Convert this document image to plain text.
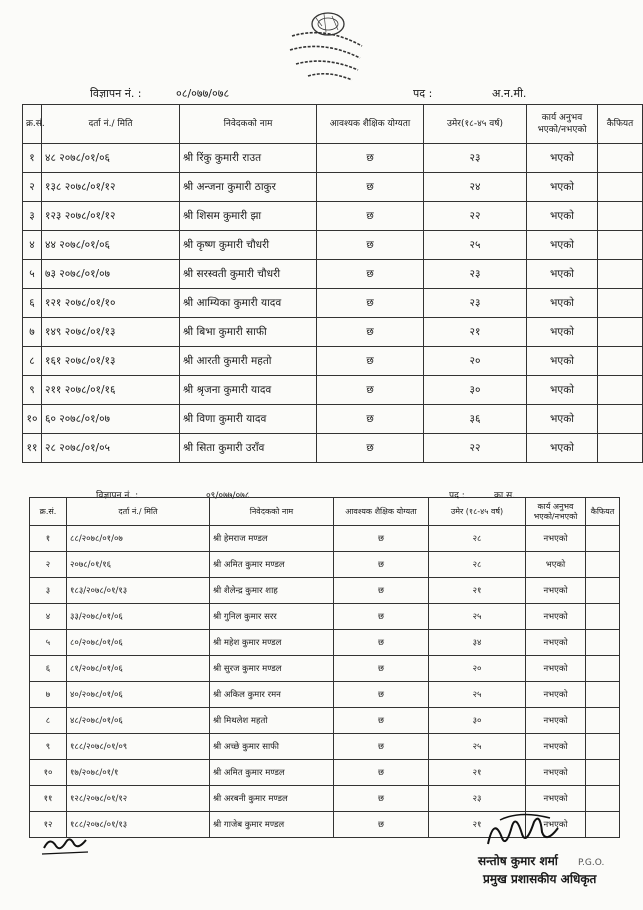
विज्ञापन नं. :	०८/०७७/०७८	पद :	अ.न.मी.
क्र.सं.	दर्ता नं./ मिति	निवेदकको नाम	आवश्यक शैक्षिक योग्यता	उमेर(१८-४५ वर्ष)	कार्य अनुभव भएको/नभएको	कैफियत
१	४८ २०७८/०१/०६	श्री रिंकु कुमारी राउत	छ	२३	भएको	
२	१३८ २०७८/०१/१२	श्री अन्जना कुमारी ठाकुर	छ	२४	भएको	
३	१२३ २०७८/०१/१२	श्री शिसम कुमारी झा	छ	२२	भएको	
४	४४ २०७८/०१/०६	श्री कृष्ण कुमारी चौधरी	छ	२५	भएको	
५	७३ २०७८/०१/०७	श्री सरस्वती कुमारी चौधरी	छ	२३	भएको	
६	१२१ २०७८/०१/१०	श्री आम्यिका कुमारी यादव	छ	२३	भएको	
७	१४९ २०७८/०१/१३	श्री बिभा कुमारी साफी	छ	२१	भएको	
८	१६१ २०७८/०१/१३	श्री आरती कुमारी महतो	छ	२०	भएको	
९	२११ २०७८/०१/१६	श्री श्रृजना कुमारी यादव	छ	३०	भएको	
१०	६० २०७८/०१/०७	श्री विणा कुमारी यादव	छ	३६	भएको	
११	२८ २०७८/०१/०५	श्री सिता कुमारी उराँव	छ	२२	भएको	
विज्ञापन नं. :	०९/०७७/०७८	पद :	का.स.
क्र.सं.	दर्ता नं./ मिति	निवेदकको नाम	आवश्यक शैक्षिक योग्यता	उमेर (१८-४५ वर्ष)	कार्य अनुभव भएको/नभएको	कैफियत
१	८८/२०७८/०१/०७	श्री हेमराज मण्डल	छ	२८	नभएको	
२	२०७८/०१/१६	श्री अमित कुमार मण्डल	छ	२८	भएको	
३	१८३/२०७८/०१/१३	श्री शैलेन्द्र कुमार शाह	छ	२१	नभएको	
४	३३/२०७८/०१/०६	श्री गुनिल कुमार सरर	छ	२५	नभएको	
५	८०/२०७८/०१/०६	श्री महेश कुमार मण्डल	छ	३४	नभएको	
६	८१/२०७८/०१/०६	श्री सुरज कुमार मण्डल	छ	२०	नभएको	
७	४०/२०७८/०१/०६	श्री अकिल कुमार रमन	छ	२५	नभएको	
८	४८/२०७८/०१/०६	श्री मिथलेश महतो	छ	३०	नभएको	
९	१८८/२०७८/०१/०९	श्री अच्छे कुमार साफी	छ	२५	नभएको	
१०	१७/२०७८/०१/१	श्री अमित कुमार मण्डल	छ	२१	नभएको	
११	१२८/२०७८/०१/१२	श्री अरबनी कुमार मण्डल	छ	२३	नभएको	
१२	१८८/२०७८/०१/१३	श्री गाजेब कुमार मण्डल	छ	२१	नभएको	
सन्तोष कुमार शर्मा
प्रमुख प्रशासकीय अधिकृत
P.G.O.
